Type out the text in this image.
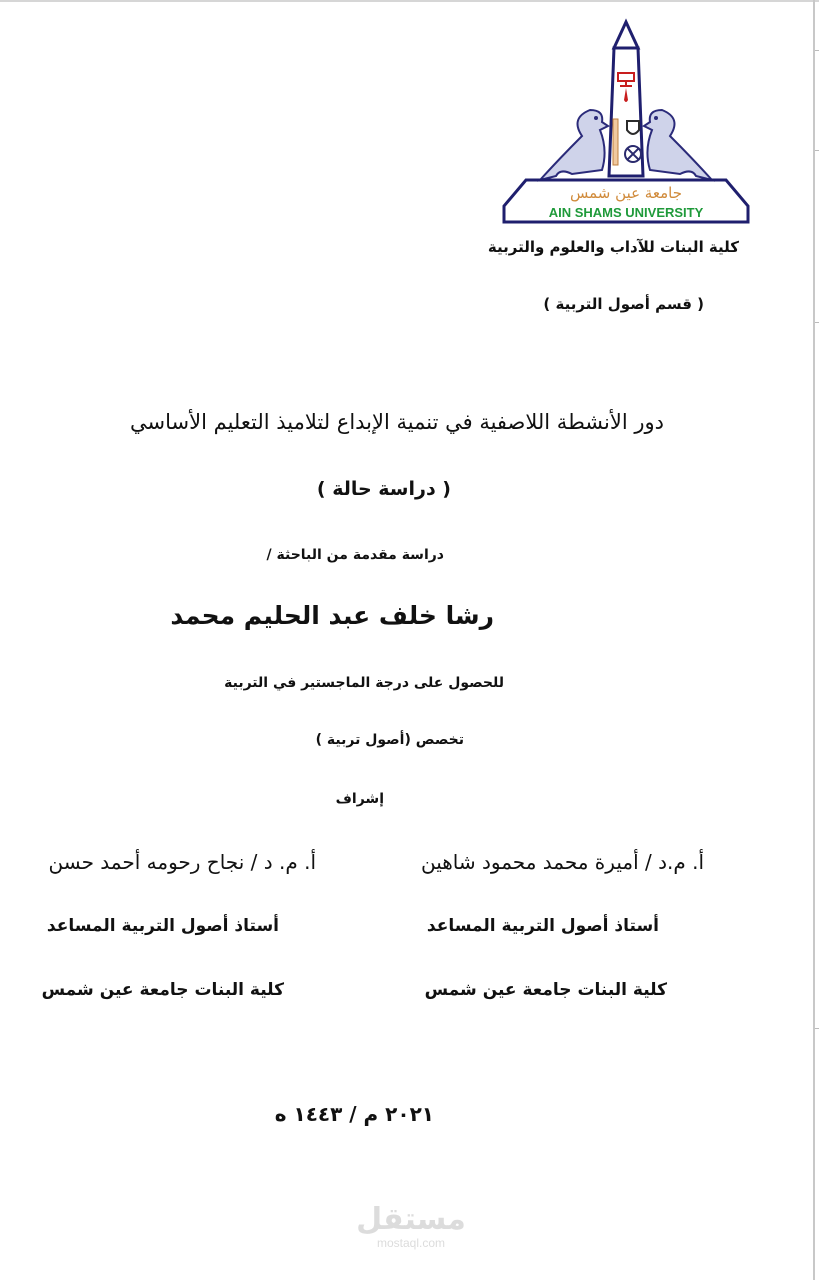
جامعة عين شمس
AIN SHAMS UNIVERSITY
كلية البنات للآداب والعلوم والتربية
( قسم أصول التربية )
دور الأنشطة اللاصفية في تنمية الإبداع لتلاميذ التعليم الأساسي
( دراسة حالة )
دراسة مقدمة من الباحثة /
رشا خلف عبد الحليم محمد
للحصول على درجة الماجستير في التربية
تخصص (أصول تربية )
إشراف
أ. م.د / أميرة محمد محمود شاهين
أستاذ أصول التربية المساعد
كلية البنات جامعة عين شمس
أ. م. د / نجاح رحومه أحمد حسن
أستاذ أصول التربية المساعد
كلية البنات جامعة عين شمس
٢٠٢١ م / ١٤٤٣ ه
مستقل
mostaql.com
